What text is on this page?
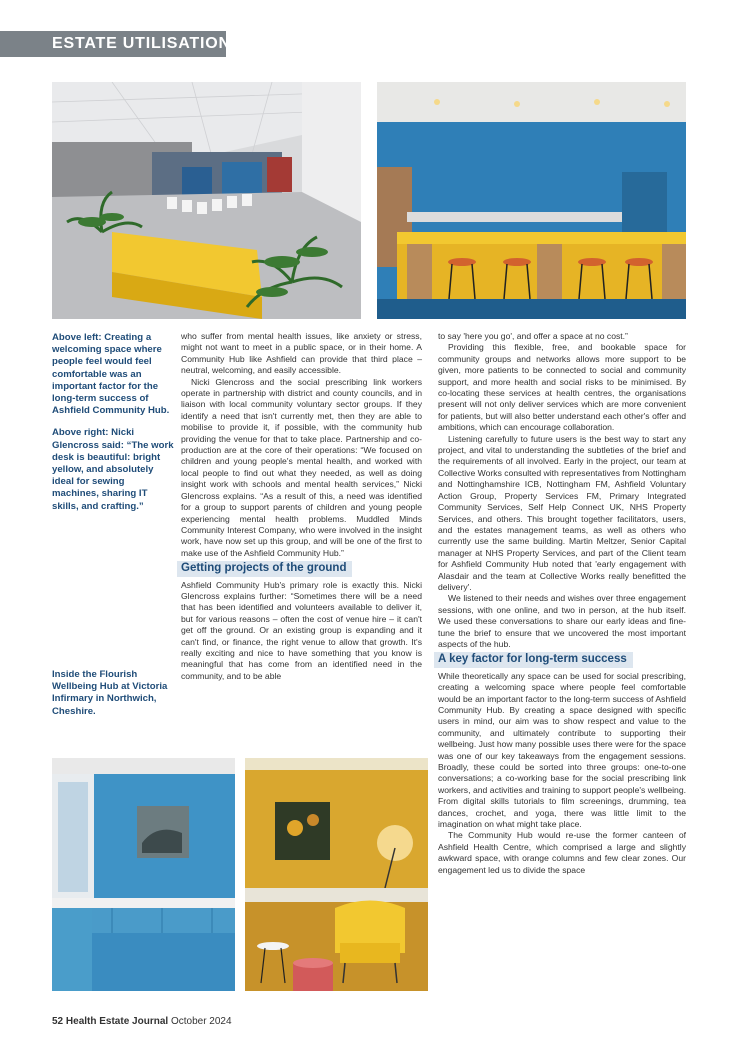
ESTATE UTILISATION

Above left: Creating a welcoming space where people feel would feel comfortable was an important factor for the long-term success of Ashfield Community Hub.

Above right: Nicki Glencross said: “The work desk is beautiful: bright yellow, and absolutely ideal for sewing machines, sharing IT skills, and crafting.”

Inside the Flourish Wellbeing Hub at Victoria Infirmary in Northwich, Cheshire.

who suffer from mental health issues, like anxiety or stress, might not want to meet in a public space, or in their home. A Community Hub like Ashfield can provide that third place – neutral, welcoming, and easily accessible.

Nicki Glencross and the social prescribing link workers operate in partnership with district and county councils, and in liaison with local community voluntary sector groups. If they identify a need that isn't currently met, then they are able to mobilise to provide it, if possible, with the community hub providing the venue for that to take place. Partnership and co-production are at the core of their operations: “We focused on children and young people's mental health, and worked with local people to find out what they needed, as well as doing insight work with schools and mental health services,” Nicki Glencross explains. “As a result of this, a need was identified for a group to support parents of children and young people experiencing mental health problems. Muddled Minds Community Interest Company, who were involved in the insight work, have now set up this group, and will be one of the first to make use of the Ashfield Community Hub.”

Getting projects of the ground

Ashfield Community Hub's primary role is exactly this. Nicki Glencross explains further: “Sometimes there will be a need that has been identified and volunteers available to deliver it, but for various reasons – often the cost of venue hire – it can't get off the ground. Or an existing group is expanding and it can't find, or finance, the right venue to allow that growth. It's really exciting and nice to have something that you know is meaningful that has come from an identified need in the community, and to be able

to say 'here you go', and offer a space at no cost.”

Providing this flexible, free, and bookable space for community groups and networks allows more support to be given, more patients to be connected to social and community support, and more health and social risks to be minimised. By co-locating these services at health centres, the organisations present will not only deliver services which are more convenient for patients, but will also better understand each other's offer and ambitions, which can encourage collaboration.

Listening carefully to future users is the best way to start any project, and vital to understanding the subtleties of the brief and the requirements of all involved. Early in the project, our team at Collective Works consulted with representatives from Nottingham and Nottinghamshire ICB, Nottingham FM, Ashfield Voluntary Action Group, Property Services FM, Primary Integrated Community Services, Self Help Connect UK, NHS Property Services, and others. This brought together facilitators, users, and the estates management teams, as well as others who currently use the same building. Martin Meltzer, Senior Capital manager at NHS Property Services, and part of the Client team for Ashfield Community Hub noted that 'early engagement with Alasdair and the team at Collective Works really benefitted the delivery'.

We listened to their needs and wishes over three engagement sessions, with one online, and two in person, at the hub itself. We used these conversations to share our early ideas and fine-tune the brief to ensure that we uncovered the most important aspects of the hub.

A key factor for long-term success

While theoretically any space can be used for social prescribing, creating a welcoming space where people feel comfortable would be an important factor to the long-term success of Ashfield Community Hub. By creating a space designed with specific users in mind, our aim was to show respect and value to the community, and ultimately contribute to supporting their wellbeing. Just how many possible uses there were for the space was one of our key takeaways from the engagement sessions. Broadly, these could be sorted into three groups: one-to-one conversations; a co-working base for the social prescribing link workers, and activities and training to support people's wellbeing. From digital skills tutorials to film screenings, drumming, tea dances, crochet, and yoga, there was little limit to the imagination on what might take place.

The Community Hub would re-use the former canteen of Ashfield Health Centre, which comprised a large and slightly awkward space, with orange columns and few clear zones. Our engagement led us to divide the space

52 Health Estate Journal October 2024
